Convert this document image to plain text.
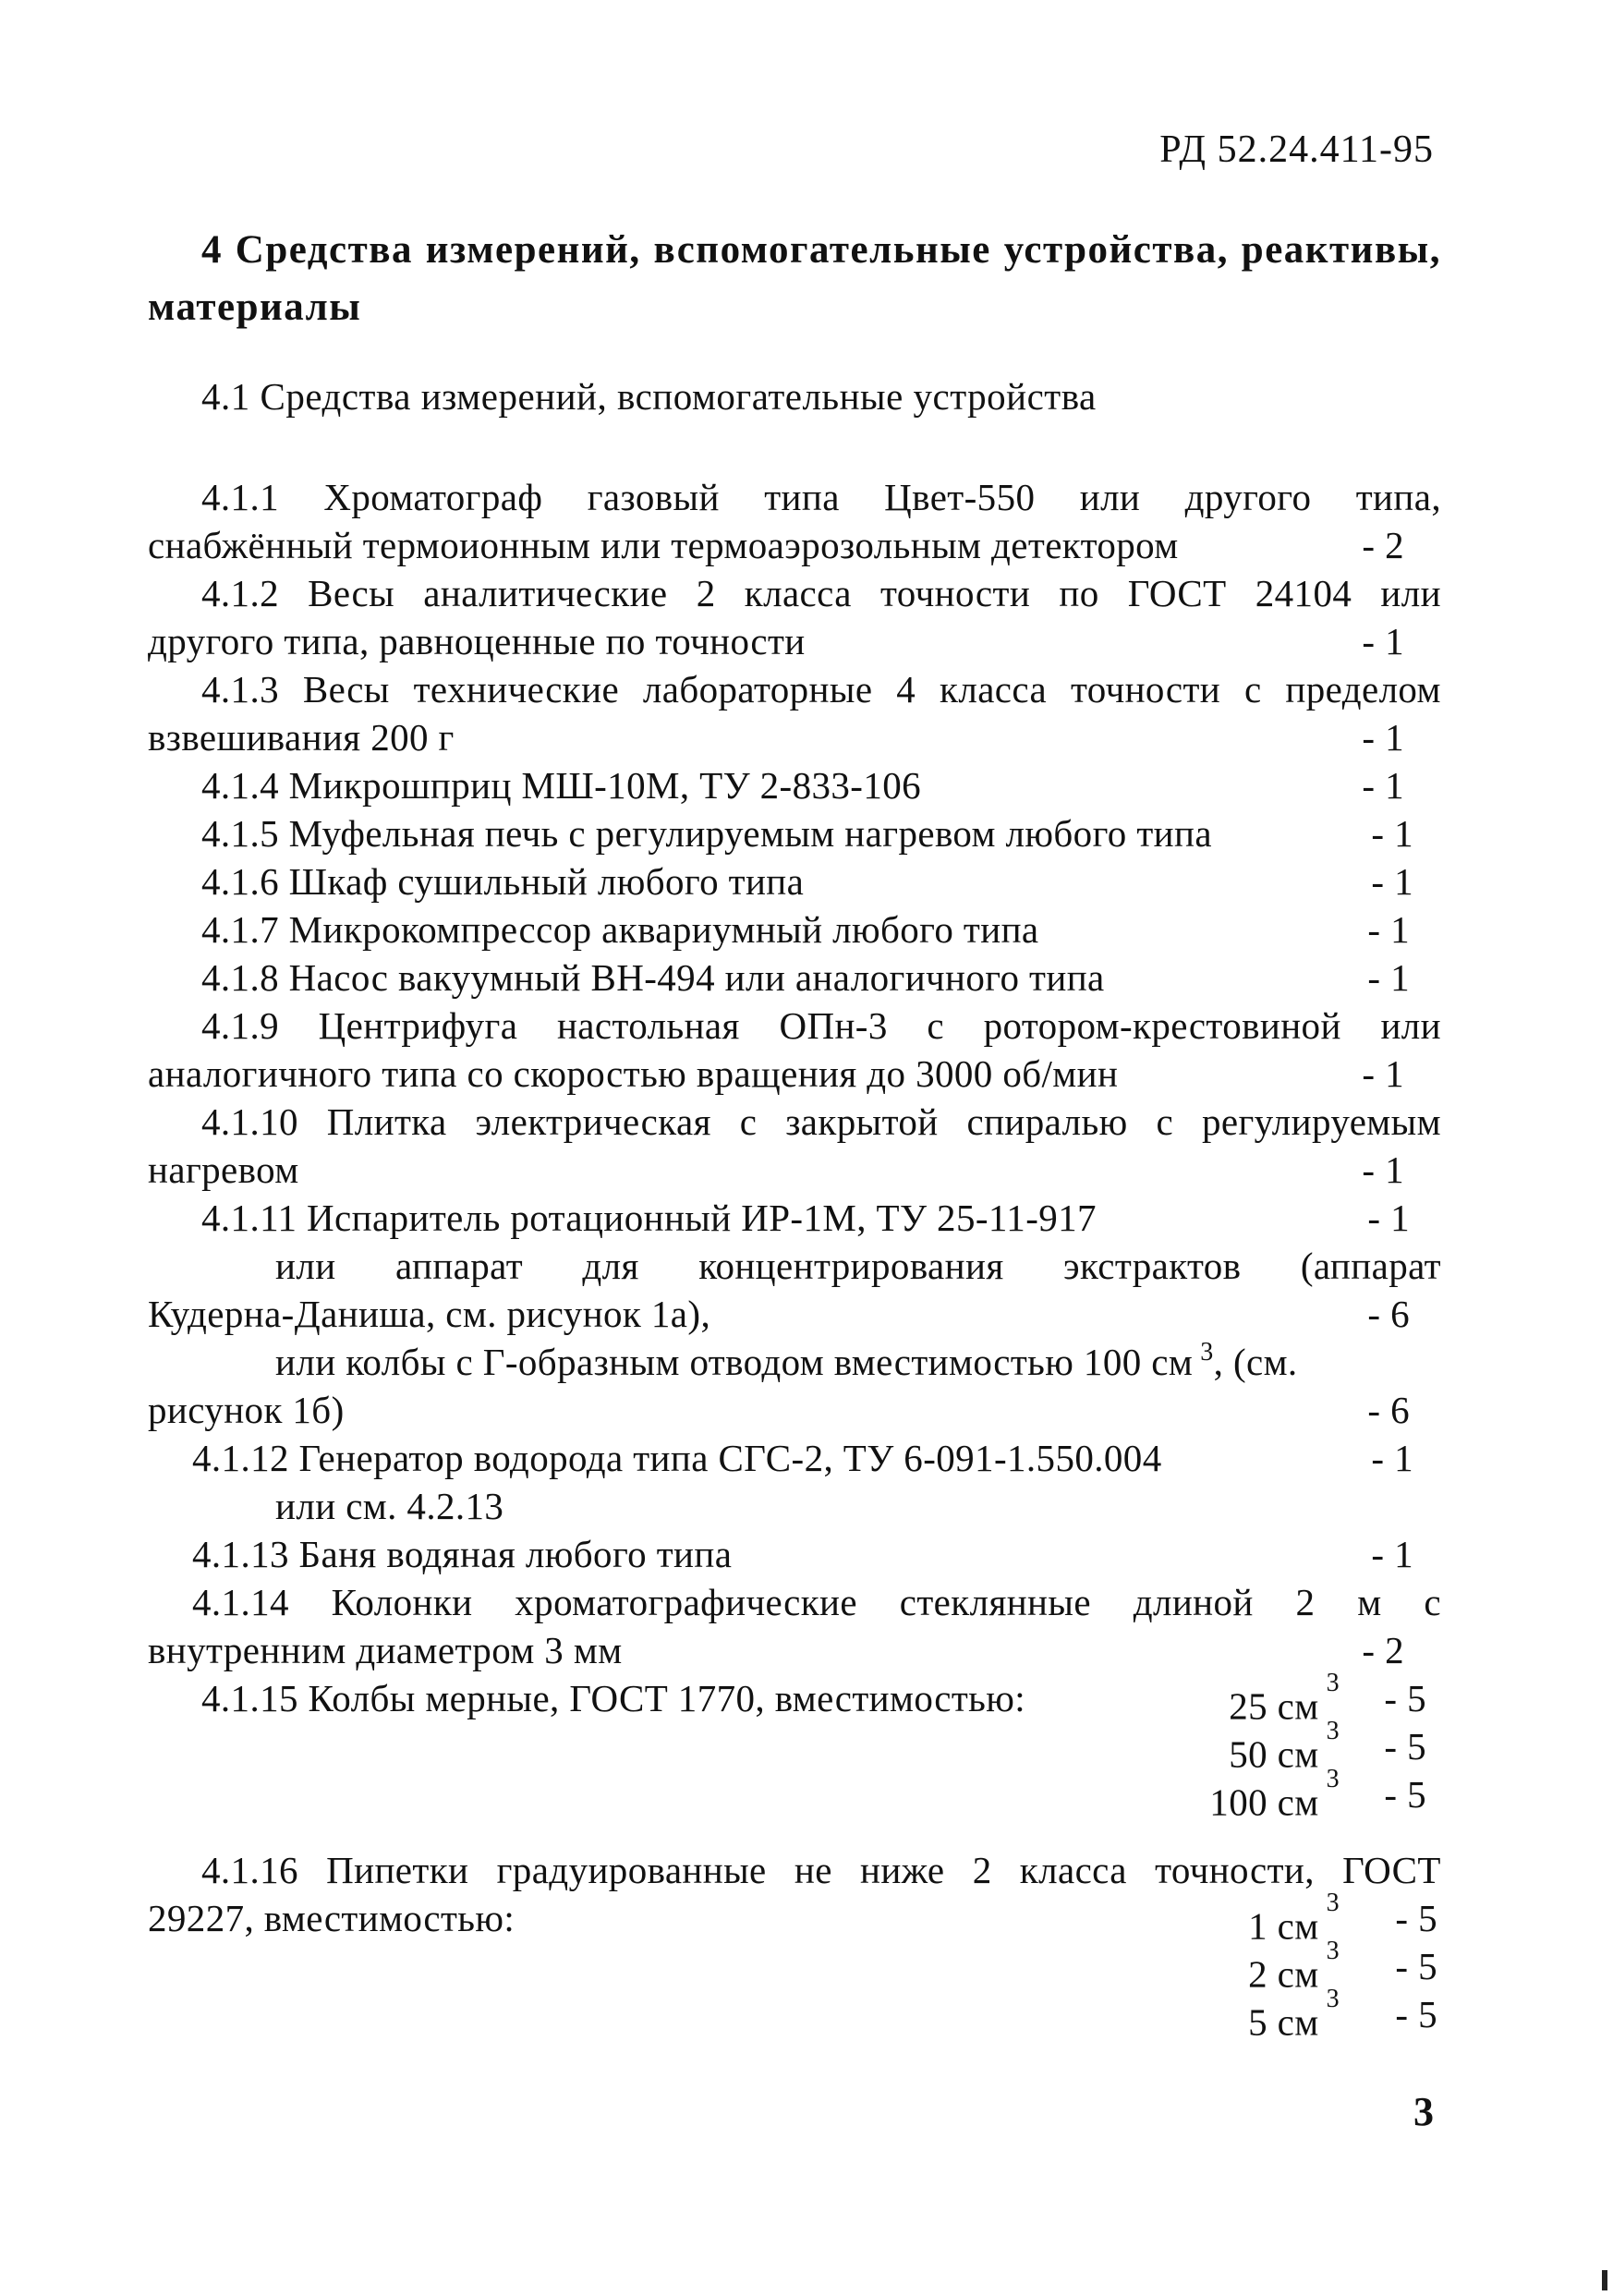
РД 52.24.411-95
4 Средства измерений, вспомогательные устройства, реактивы, материалы
4.1 Средства измерений, вспомогательные устройства
4.1.1 Хроматограф газовый типа Цвет-550 или другого типа,
снабжённый термоионным или термоаэрозольным детектором	- 2
4.1.2 Весы аналитические 2 класса точности по ГОСТ 24104 или
другого типа, равноценные по точности	- 1
4.1.3 Весы технические лабораторные 4 класса точности с пределом
взвешивания 200 г	- 1
4.1.4 Микрошприц МШ-10М, ТУ 2-833-106	- 1
4.1.5 Муфельная печь с регулируемым нагревом любого типа	- 1
4.1.6 Шкаф сушильный любого типа	- 1
4.1.7 Микрокомпрессор аквариумный любого типа	- 1
4.1.8 Насос вакуумный ВН-494 или аналогичного типа	- 1
4.1.9 Центрифуга настольная ОПн-3 с ротором-крестовиной или
аналогичного типа со скоростью вращения до 3000 об/мин	- 1
4.1.10 Плитка электрическая с закрытой спиралью с регулируемым
нагревом	- 1
4.1.11 Испаритель ротационный ИР-1М, ТУ 25-11-917	- 1
или аппарат для концентрирования экстрактов (аппарат
Кудерна-Даниша, см. рисунок 1а),	- 6
или колбы с Г-образным отводом вместимостью 100 см $^3$, (см.
рисунок 1б)	- 6
4.1.12 Генератор водорода типа СГС-2, ТУ 6-091-1.550.004	- 1
или см. 4.2.13
4.1.13 Баня водяная любого типа	- 1
4.1.14 Колонки хроматографические стеклянные длиной 2 м с
внутренним диаметром 3 мм	- 2
4.1.15 Колбы мерные, ГОСТ 1770, вместимостью:	25 $см^3 - 5$
50 $см^3 - 5$
100 $см^3 - 5$
4.1.16 Пипетки градуированные не ниже 2 класса точности, ГОСТ
29227, вместимостью:	1 $см^3 - 5$
2 $см^3 - 5$
5 $см^3 - 5$
3
